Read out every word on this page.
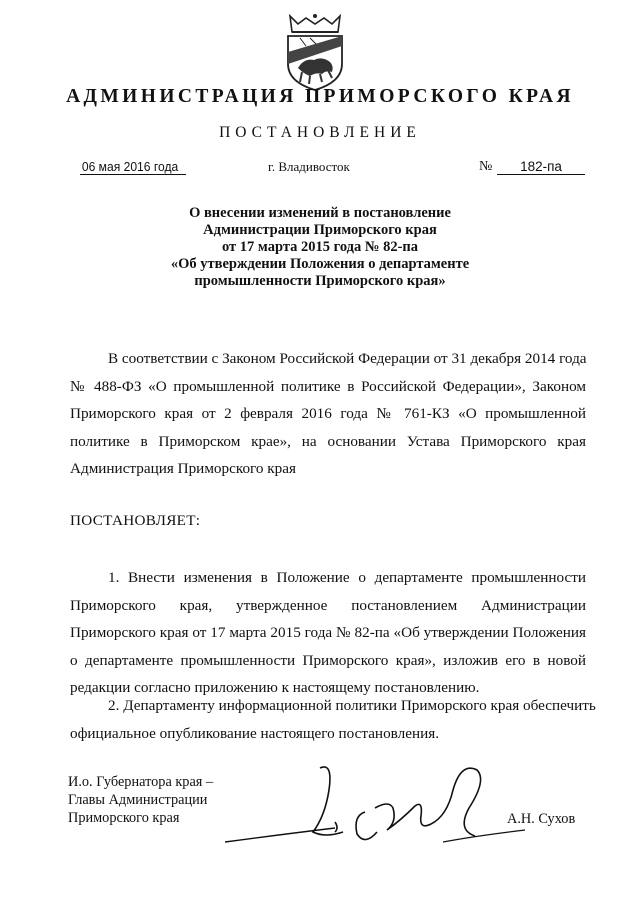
АДМИНИСТРАЦИЯ ПРИМОРСКОГО КРАЯ
ПОСТАНОВЛЕНИЕ
06 мая 2016 года	г. Владивосток	№	182-па
О внесении изменений в постановление
Администрации Приморского края
от 17 марта 2015 года № 82-па
«Об утверждении Положения о департаменте
промышленности Приморского края»
В соответствии с Законом Российской Федерации от 31 декабря 2014 года
№ 488-ФЗ «О промышленной политике в Российской Федерации», Законом
Приморского края от 2 февраля 2016 года № 761-КЗ «О промышленной
политике в Приморском крае», на основании Устава Приморского края
Администрация Приморского края
ПОСТАНОВЛЯЕТ:
1. Внести изменения в Положение о департаменте промышленности
Приморского края, утвержденное постановлением Администрации
Приморского края от 17 марта 2015 года № 82-па «Об утверждении Положения
о департаменте промышленности Приморского края», изложив его в новой
редакции согласно приложению к настоящему постановлению.
2. Департаменту информационной политики Приморского края обеспечить
официальное опубликование настоящего постановления.
И.о. Губернатора края –
Главы Администрации
Приморского края	А.Н. Сухов
